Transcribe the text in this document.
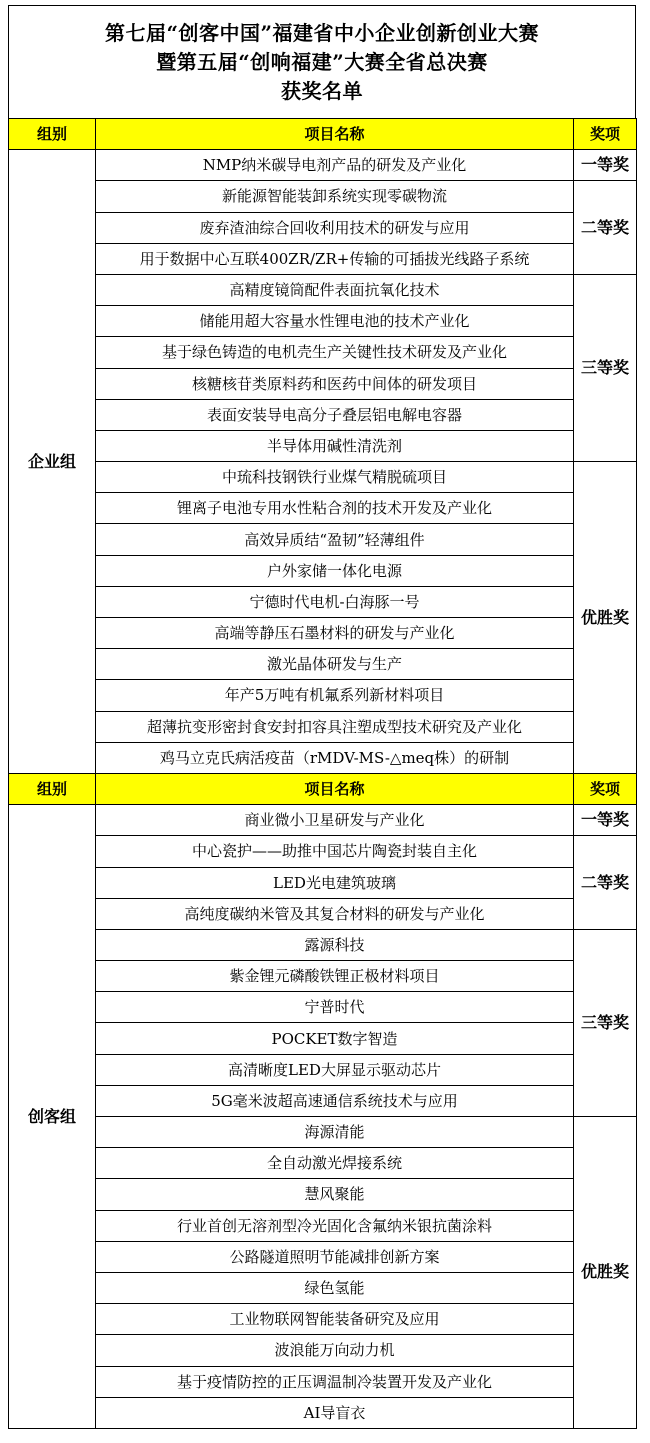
第七届“创客中国”福建省中小企业创新创业大赛
暨第五届“创响福建”大赛全省总决赛
获奖名单
组别	项目名称	奖项
企业组	NMP纳米碳导电剂产品的研发及产业化	一等奖
	新能源智能装卸系统实现零碳物流	二等奖
	废弃渣油综合回收利用技术的研发与应用	
	用于数据中心互联400ZR/ZR+传输的可插拔光线路子系统	
	高精度镜筒配件表面抗氧化技术	三等奖
	储能用超大容量水性锂电池的技术产业化	
	基于绿色铸造的电机壳生产关键性技术研发及产业化	
	核糖核苷类原料药和医药中间体的研发项目	
	表面安装导电高分子叠层铝电解电容器	
	半导体用碱性清洗剂	
	中琉科技钢铁行业煤气精脱硫项目	优胜奖
	锂离子电池专用水性粘合剂的技术开发及产业化	
	高效异质结“盈韧”轻薄组件	
	户外家储一体化电源	
	宁德时代电机-白海豚一号	
	高端等静压石墨材料的研发与产业化	
	激光晶体研发与生产	
	年产5万吨有机氟系列新材料项目	
	超薄抗变形密封食安封扣容具注塑成型技术研究及产业化	
	鸡马立克氏病活疫苗（rMDV-MS-△meq株）的研制	
组别	项目名称	奖项
创客组	商业微小卫星研发与产业化	一等奖
	中心瓷护——助推中国芯片陶瓷封装自主化	二等奖
	LED光电建筑玻璃	
	高纯度碳纳米管及其复合材料的研发与产业化	
	露源科技	三等奖
	紫金锂元磷酸铁锂正极材料项目	
	宁普时代	
	POCKET数字智造	
	高清晰度LED大屏显示驱动芯片	
	5G毫米波超高速通信系统技术与应用	
	海源清能	优胜奖
	全自动激光焊接系统	
	慧风聚能	
	行业首创无溶剂型冷光固化含氟纳米银抗菌涂料	
	公路隧道照明节能减排创新方案	
	绿色氢能	
	工业物联网智能装备研究及应用	
	波浪能万向动力机	
	基于疫情防控的正压调温制冷装置开发及产业化	
	AI导盲衣	
